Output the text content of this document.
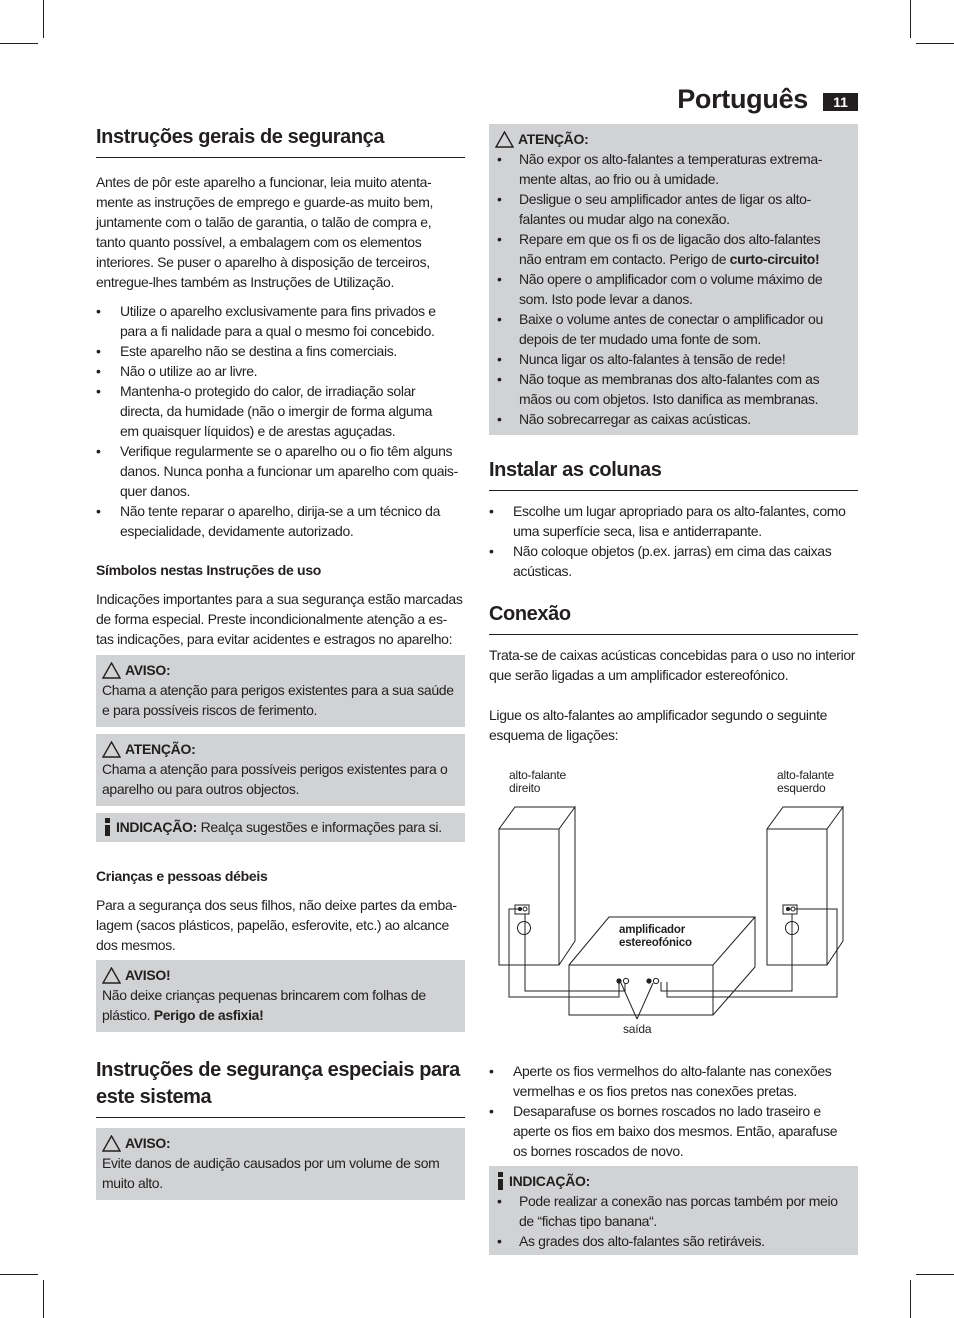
Português	11
Instruções gerais de segurança
Antes de pôr este aparelho a funcionar, leia muito atenta-
mente as instruções de emprego e guarde-as muito bem,
juntamente com o talão de garantia, o talão de compra e,
tanto quanto possível, a embalagem com os elementos
interiores. Se puser o aparelho à disposição de terceiros,
entregue-lhes também as Instruções de Utilização.
• Utilize o aparelho exclusivamente para fins privados e
para a fi nalidade para a qual o mesmo foi concebido.
• Este aparelho não se destina a fins comerciais.
• Não o utilize ao ar livre.
• Mantenha-o protegido do calor, de irradiação solar
directa, da humidade (não o imergir de forma alguma
em quaisquer líquidos) e de arestas aguçadas.
• Verifique regularmente se o aparelho ou o fio têm alguns
danos. Nunca ponha a funcionar um aparelho com quais-
quer danos.
• Não tente reparar o aparelho, dirija-se a um técnico da
especialidade, devidamente autorizado.
Símbolos nestas Instruções de uso
Indicações importantes para a sua segurança estão marcadas
de forma especial. Preste incondicionalmente atenção a es-
tas indicações, para evitar acidentes e estragos no aparelho:
AVISO:
Chama a atenção para perigos existentes para a sua saúde
e para possíveis riscos de ferimento.
ATENÇÃO:
Chama a atenção para possíveis perigos existentes para o
aparelho ou para outros objectos.
INDICAÇÃO:
Realça sugestões e informações para si.
Crianças e pessoas débeis
Para a segurança dos seus filhos, não deixe partes da emba-
lagem (sacos plásticos, papelão, esferovite, etc.) ao alcance
dos mesmos.
AVISO!
Não deixe crianças pequenas brincarem com folhas de
plástico. Perigo de asfixia!
Instruções de segurança especiais para
este sistema
AVISO:
Evite danos de audição causados por um volume de som
muito alto.
ATENÇÃO:
• Não expor os alto-falantes a temperaturas extrema-
mente altas, ao frio ou à umidade.
• Desligue o seu amplificador antes de ligar os alto-
falantes ou mudar algo na conexão.
• Repare em que os fi os de ligacão dos alto-falantes
não entram em contacto. Perigo de curto-circuito!
• Não opere o amplificador com o volume máximo de
som. Isto pode levar a danos.
• Baixe o volume antes de conectar o amplificador ou
depois de ter mudado uma fonte de som.
• Nunca ligar os alto-falantes à tensão de rede!
• Não toque as membranas dos alto-falantes com as
mãos ou com objetos. Isto danifica as membranas.
• Não sobrecarregar as caixas acústicas.
Instalar as colunas
• Escolhe um lugar apropriado para os alto-falantes, como
uma superfície seca, lisa e antiderrapante.
• Não coloque objetos (p.ex. jarras) em cima das caixas
acústicas.
Conexão
Trata-se de caixas acústicas concebidas para o uso no interior
que serão ligadas a um amplificador estereofónico.
Ligue os alto-falantes ao amplificador segundo o seguinte
esquema de ligações:
alto-falante
direito
alto-falante
esquerdo
amplificador
estereofónico
saída
• Aperte os fios vermelhos do alto-falante nas conexões
vermelhas e os fios pretos nas conexões pretas.
• Desaparafuse os bornes roscados no lado traseiro e
aperte os fios em baixo dos mesmos. Então, aparafuse
os bornes roscados de novo.
INDICAÇÃO:
• Pode realizar a conexão nas porcas também por meio
de “fichas tipo banana“.
• As grades dos alto-falantes são retiráveis.
